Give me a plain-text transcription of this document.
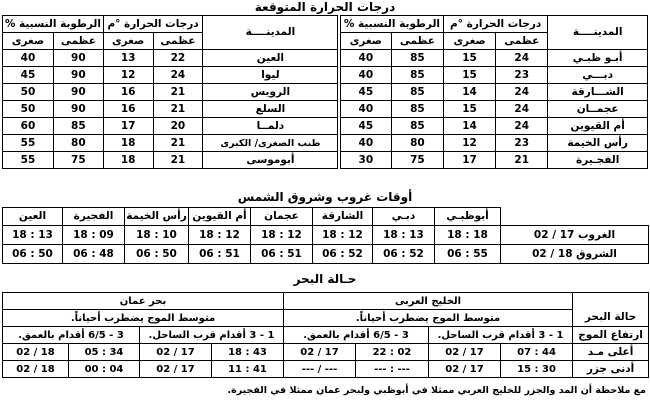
درجات الحرارة المتوقعة
الرطوبة النسبية %		درجات الحرارة °م		المدينــــة		الرطوبة النسبية %		درجات الحرارة °م		المدينــــة
صغرى	عظمى	صغرى	عظمى			صغرى	عظمى	صغرى	عظمى	
40	90	13	22	العين		40	85	15	24	أبـو ظبـي
45	90	12	24	ليوا		40	85	15	23	دبـــي
50	90	16	21	الرويس		45	85	14	24	الشـــارقة
50	90	16	21	السلع		40	85	15	24	عجمــان
60	85	17	20	دلمــا		45	85	14	24	أم القيوين
55	80	18	21	طنب الصغرى/ الكبرى		40	80	12	23	رأس الخيمة
55	75	18	21	أبوموسى		30	75	17	21	الفجـيرة
أوقات غروب وشروق الشمس
العين	الفجيرة	رأس الخيمة	أم القيوين	عجمان	الشارقة	دبـي	أبوظبـي	
18 : 13	18 : 09	18 : 10	18 : 12	18 : 12	18 : 12	18 : 13	18 : 18	الغروب 17 / 02
06 : 50	06 : 48	06 : 50	06 : 51	06 : 51	06 : 52	06 : 52	06 : 55	الشروق 18 / 02
حـالة البحر
بحر عمان				الخليج العربى				
متوسط الموج يضطرب أحياناً.				متوسط الموج يضطرب أحياناً.				حالة البحر
3 - 6/5 أقدام بالعمق.		1 - 3 أقدام قرب الساحل.		3 - 6/5 أقدام بالعمق.		1 - 3 أقدام قرب الساحل.		ارتفاع الموج
02 / 18	05 : 34	02 / 17	18 : 43	02 / 17	22 : 02	02 / 17	07 : 44	أعلى مـد
02 / 18	00 : 04	02 / 17	11 : 41	--- / ---	--- : ---	02 / 17	15 : 30	أدنى جزر
مع ملاحظة أن المد والجزر للخليج العربي ممثلا في أبوظبي ولبحر عمان ممثلا في الفجيرة.
